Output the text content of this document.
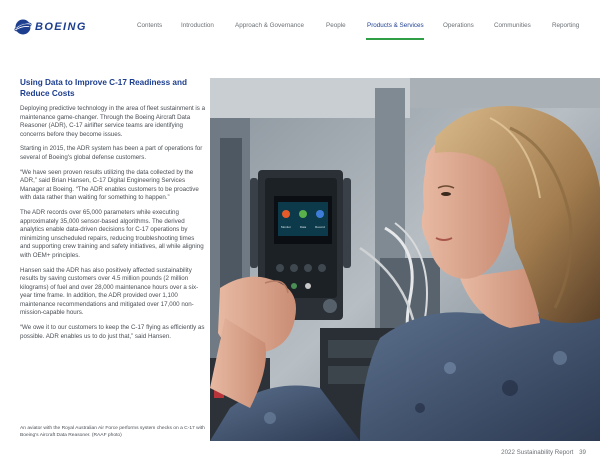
BOEING	Contents	Introduction	Approach & Governance	People	Products & Services	Operations	Communities	Reporting
Using Data to Improve C-17 Readiness and Reduce Costs

Deploying predictive technology in the area of fleet sustainment is a maintenance game-changer. Through the Boeing Aircraft Data Reasoner (ADR), C-17 airlifter service teams are identifying concerns before they become issues.

Starting in 2015, the ADR system has been a part of operations for several of Boeing's global defense customers.

“We have seen proven results utilizing the data collected by the ADR,” said Brian Hansen, C-17 Digital Engineering Services Manager at Boeing. “The ADR enables customers to be proactive with data rather than waiting for something to happen.”

The ADR records over 65,000 parameters while executing approximately 35,000 sensor-based algorithms. The derived analytics enable data-driven decisions for C-17 operations by minimizing unscheduled repairs, reducing troubleshooting times and supporting crew training and safety initiatives, all while aligning with OEM+ principles.

Hansen said the ADR has also positively affected sustainability results by saving customers over 4.5 million pounds (2 million kilograms) of fuel and over 28,000 maintenance hours over a six-year time frame. In addition, the ADR provided over 1,100 maintenance recommendations and mitigated over 17,000 non-mission-capable hours.

“We owe it to our customers to keep the C-17 flying as efficiently as possible. ADR enables us to do just that,” said Hansen.

An aviator with the Royal Australian Air Force performs system checks on a C-17 with Boeing's Aircraft Data Reasoner. (RAAF photo)
Monitor	Data	Record
2022 Sustainability Report 39
